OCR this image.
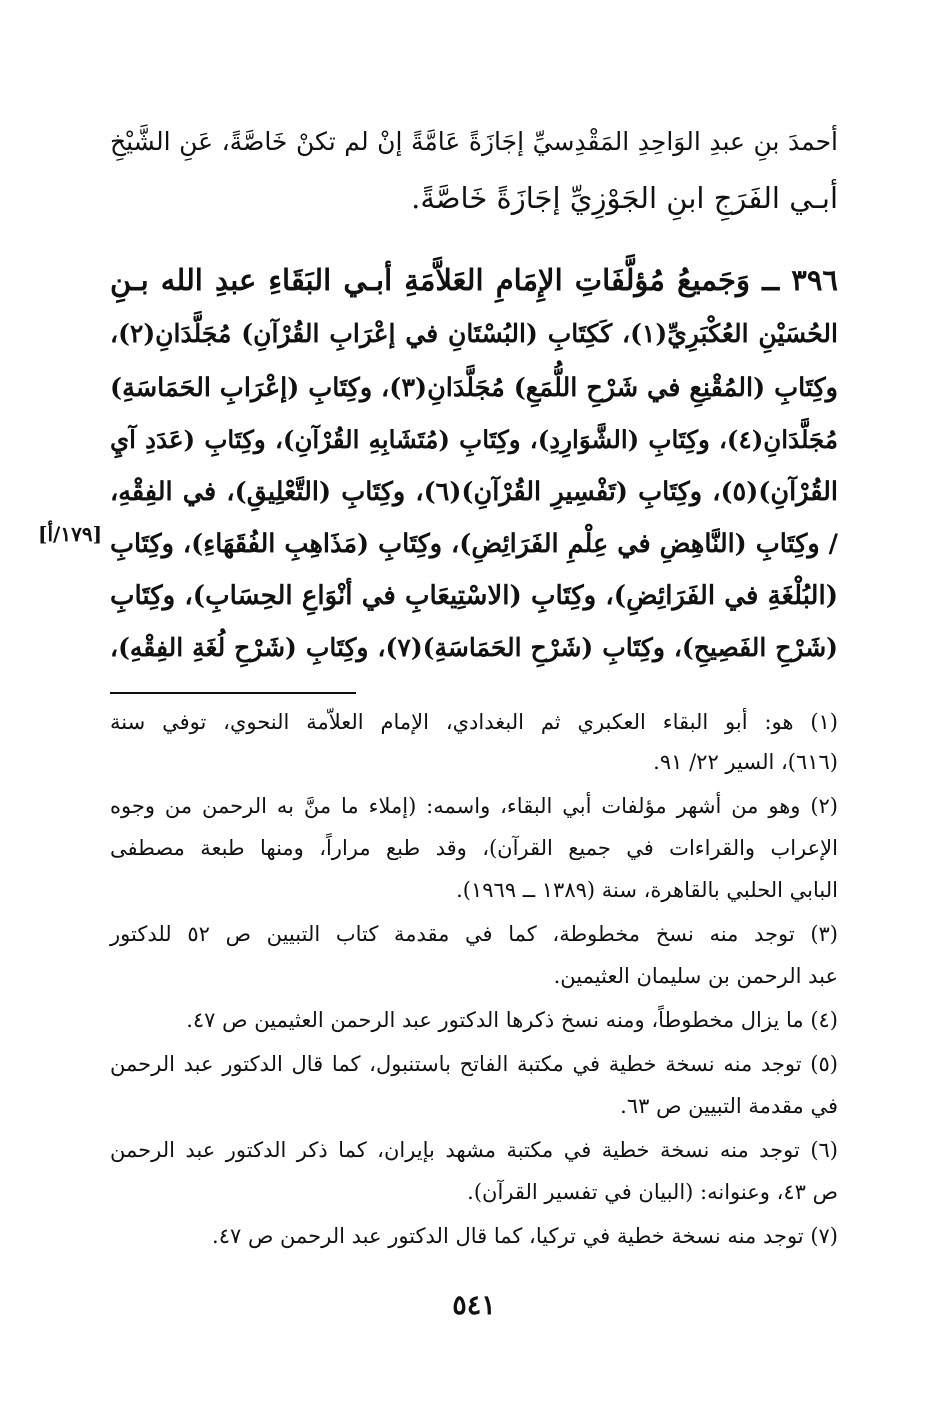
أحمدَ بنِ عبدِ الوَاحِدِ المَقْدِسيِّ إجَازَةً عَامَّةً إنْ لم تكنْ خَاصَّةً، عَنِ الشَّيْخِ
أبـي الفَرَجِ ابنِ الجَوْزِيِّ إجَازَةً خَاصَّةً.
٣٩٦ ــ وَجَميعُ مُؤلَّفَاتِ الإِمَامِ العَلاَّمَةِ أبـي البَقَاءِ عبدِ الله بـنِ
الحُسَيْنِ العُكْبَرِيِّ(١)، كَكِتَابِ (البُسْتَانِ في إعْرَابِ القُرْآنِ) مُجَلَّدَانِ(٢)،
وكِتَابِ (المُقْنِعِ في شَرْحِ اللُّمَعِ) مُجَلَّدَانِ(٣)، وكِتَابِ (إعْرَابِ الحَمَاسَةِ)
مُجَلَّدَانِ(٤)، وكِتَابِ (الشَّوَارِدِ)، وكِتَابِ (مُتَشَابِهِ القُرْآنِ)، وكِتَابِ (عَدَدِ آيِ
القُرْآنِ)(٥)، وكِتَابِ (تَفْسِيرِ القُرْآنِ)(٦)، وكِتَابِ (التَّعْلِيقِ)، في الفِقْهِ،
/ وكِتَابِ (النَّاهِضِ في عِلْمِ الفَرَائِضِ)، وكِتَابِ (مَذَاهِبِ الفُقَهَاءِ)، وكِتَابِ
(البُلْغَةِ في الفَرَائِضِ)، وكِتَابِ (الاسْتِيعَابِ في أنْوَاعِ الحِسَابِ)، وكِتَابِ
(شَرْحِ الفَصِيحِ)، وكِتَابِ (شَرْحِ الحَمَاسَةِ)(٧)، وكِتَابِ (شَرْحِ لُغَةِ الفِقْهِ)،
[١٧٩/أ]
(١) هو: أبو البقاء العكبري ثم البغدادي، الإمام العلاّمة النحوي، توفي سنة
(٦١٦)، السير ٢٢/ ٩١.
(٢) وهو من أشهر مؤلفات أبي البقاء، واسمه: (إملاء ما منَّ به الرحمن من وجوه
الإعراب والقراءات في جميع القرآن)، وقد طبع مراراً، ومنها طبعة مصطفى
البابي الحلبي بالقاهرة، سنة (١٣٨٩ ــ ١٩٦٩).
(٣) توجد منه نسخ مخطوطة، كما في مقدمة كتاب التبيين ص ٥٢ للدكتور
عبد الرحمن بن سليمان العثيمين.
(٤) ما يزال مخطوطاً، ومنه نسخ ذكرها الدكتور عبد الرحمن العثيمين ص ٤٧.
(٥) توجد منه نسخة خطية في مكتبة الفاتح باستنبول، كما قال الدكتور عبد الرحمن
في مقدمة التبيين ص ٦٣.
(٦) توجد منه نسخة خطية في مكتبة مشهد بإيران، كما ذكر الدكتور عبد الرحمن
ص ٤٣، وعنوانه: (البيان في تفسير القرآن).
(٧) توجد منه نسخة خطية في تركيا، كما قال الدكتور عبد الرحمن ص ٤٧.
٥٤١
